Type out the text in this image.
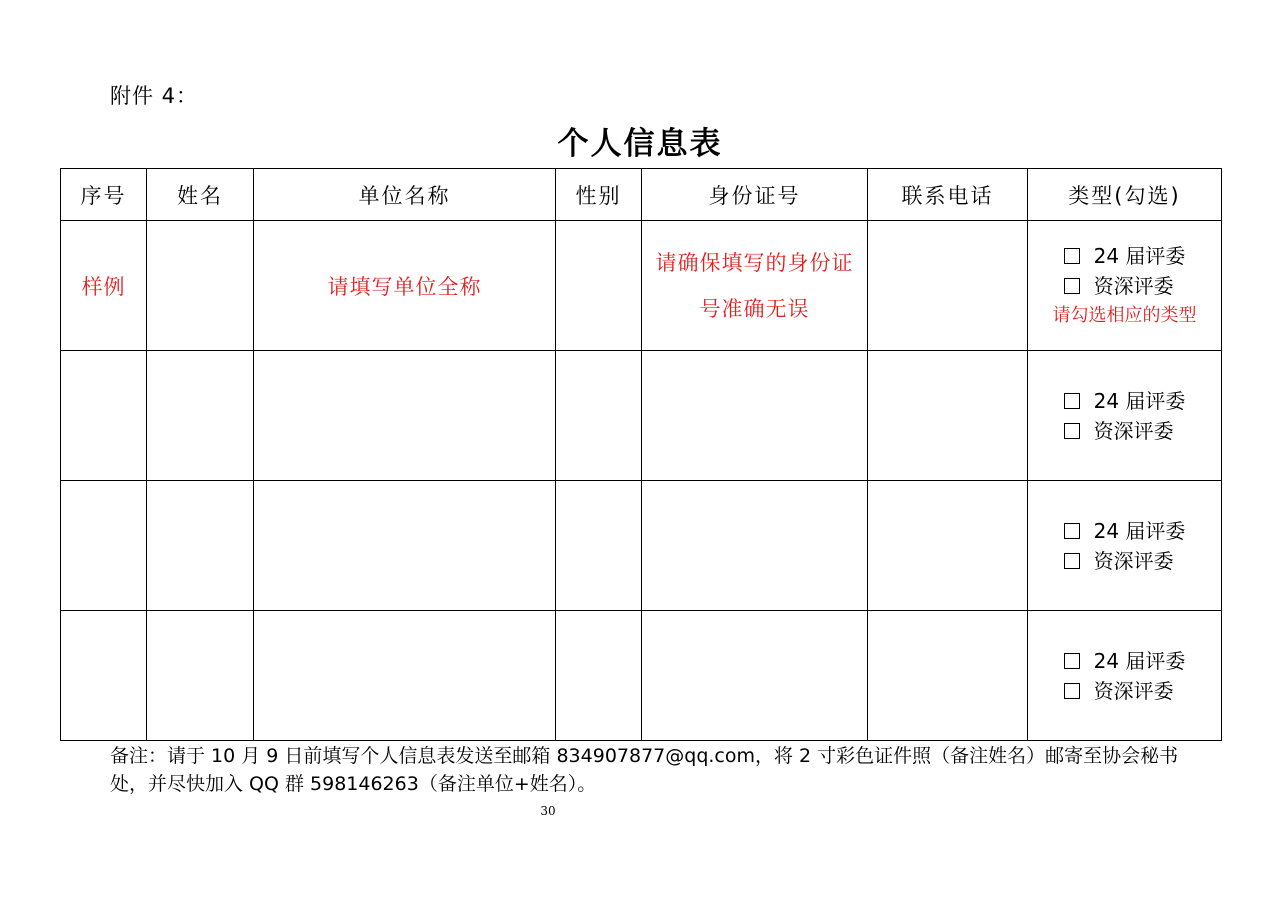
附件 4：
个人信息表
序号	姓名	单位名称	性别	身份证号	联系电话	类型(勾选)
样例		请填写单位全称		请确保填写的身份证号准确无误		24 届评委
资深评委
请勾选相应的类型

						24 届评委
资深评委

						24 届评委
资深评委

						24 届评委
资深评委
备注：请于 10 月 9 日前填写个人信息表发送至邮箱 834907877@qq.com，将 2 寸彩色证件照（备注姓名）邮寄至协会秘书处，并尽快加入 QQ 群 598146263（备注单位+姓名）。
30
